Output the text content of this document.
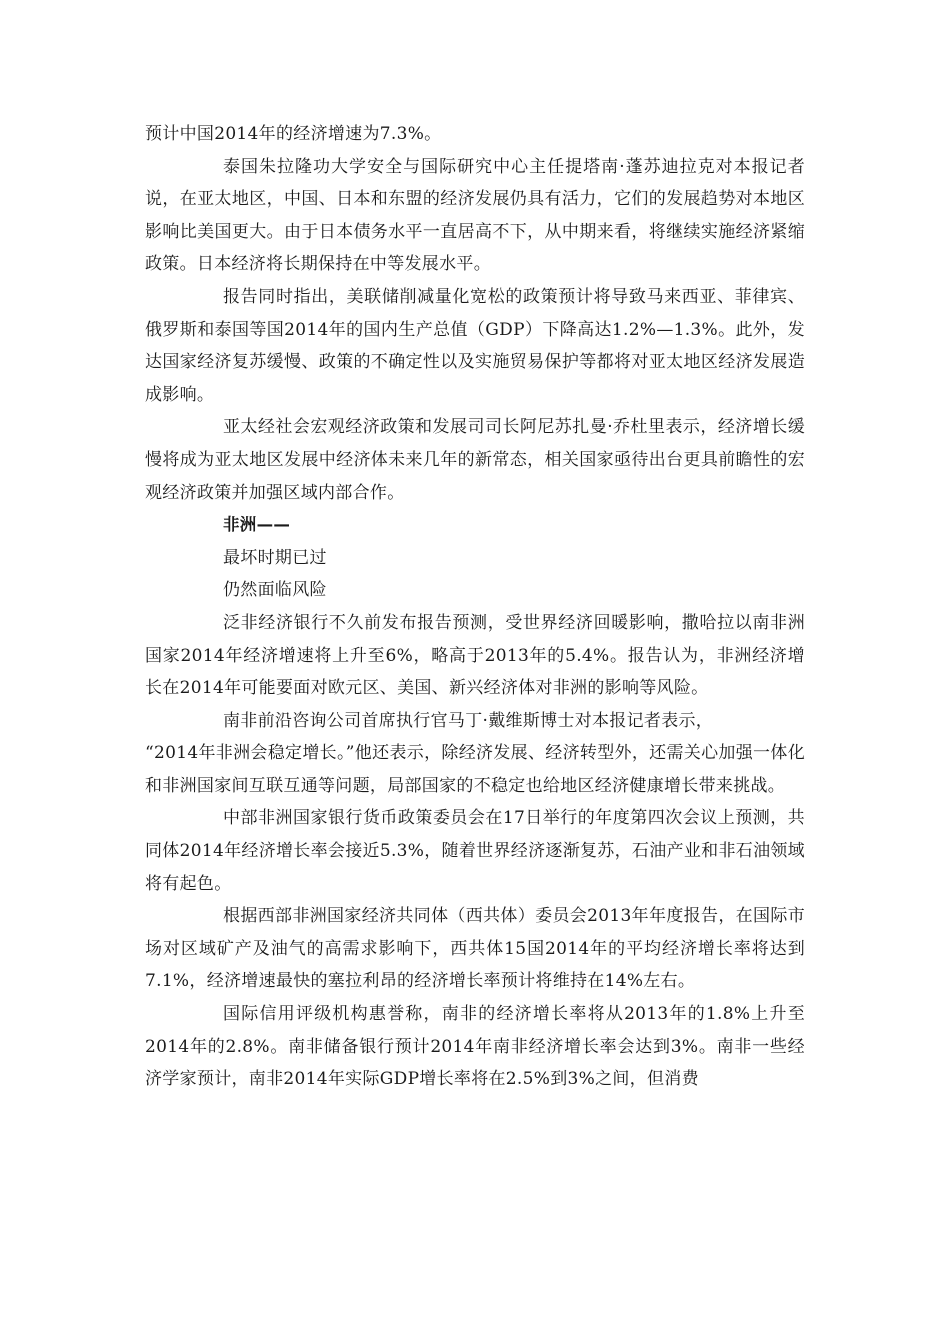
预计中国2014年的经济增速为7.3%。

泰国朱拉隆功大学安全与国际研究中心主任提塔南·蓬苏迪拉克对本报记者说，在亚太地区，中国、日本和东盟的经济发展仍具有活力，它们的发展趋势对本地区影响比美国更大。由于日本债务水平一直居高不下，从中期来看，将继续实施经济紧缩政策。日本经济将长期保持在中等发展水平。

报告同时指出，美联储削减量化宽松的政策预计将导致马来西亚、菲律宾、俄罗斯和泰国等国2014年的国内生产总值（GDP）下降高达1.2%—1.3%。此外，发达国家经济复苏缓慢、政策的不确定性以及实施贸易保护等都将对亚太地区经济发展造成影响。

亚太经社会宏观经济政策和发展司司长阿尼苏扎曼·乔杜里表示，经济增长缓慢将成为亚太地区发展中经济体未来几年的新常态，相关国家亟待出台更具前瞻性的宏观经济政策并加强区域内部合作。

非洲——

最坏时期已过

仍然面临风险

泛非经济银行不久前发布报告预测，受世界经济回暖影响，撒哈拉以南非洲国家2014年经济增速将上升至6%，略高于2013年的5.4%。报告认为，非洲经济增长在2014年可能要面对欧元区、美国、新兴经济体对非洲的影响等风险。

南非前沿咨询公司首席执行官马丁·戴维斯博士对本报记者表示，

“2014年非洲会稳定增长。”他还表示，除经济发展、经济转型外，还需关心加强一体化和非洲国家间互联互通等问题，局部国家的不稳定也给地区经济健康增长带来挑战。

中部非洲国家银行货币政策委员会在17日举行的年度第四次会议上预测，共同体2014年经济增长率会接近5.3%，随着世界经济逐渐复苏，石油产业和非石油领域将有起色。

根据西部非洲国家经济共同体（西共体）委员会2013年年度报告，在国际市场对区域矿产及油气的高需求影响下，西共体15国2014年的平均经济增长率将达到7.1%，经济增速最快的塞拉利昂的经济增长率预计将维持在14%左右。

国际信用评级机构惠誉称，南非的经济增长率将从2013年的1.8%上升至2014年的2.8%。南非储备银行预计2014年南非经济增长率会达到3%。南非一些经济学家预计，南非2014年实际GDP增长率将在2.5%到3%之间，但消费
